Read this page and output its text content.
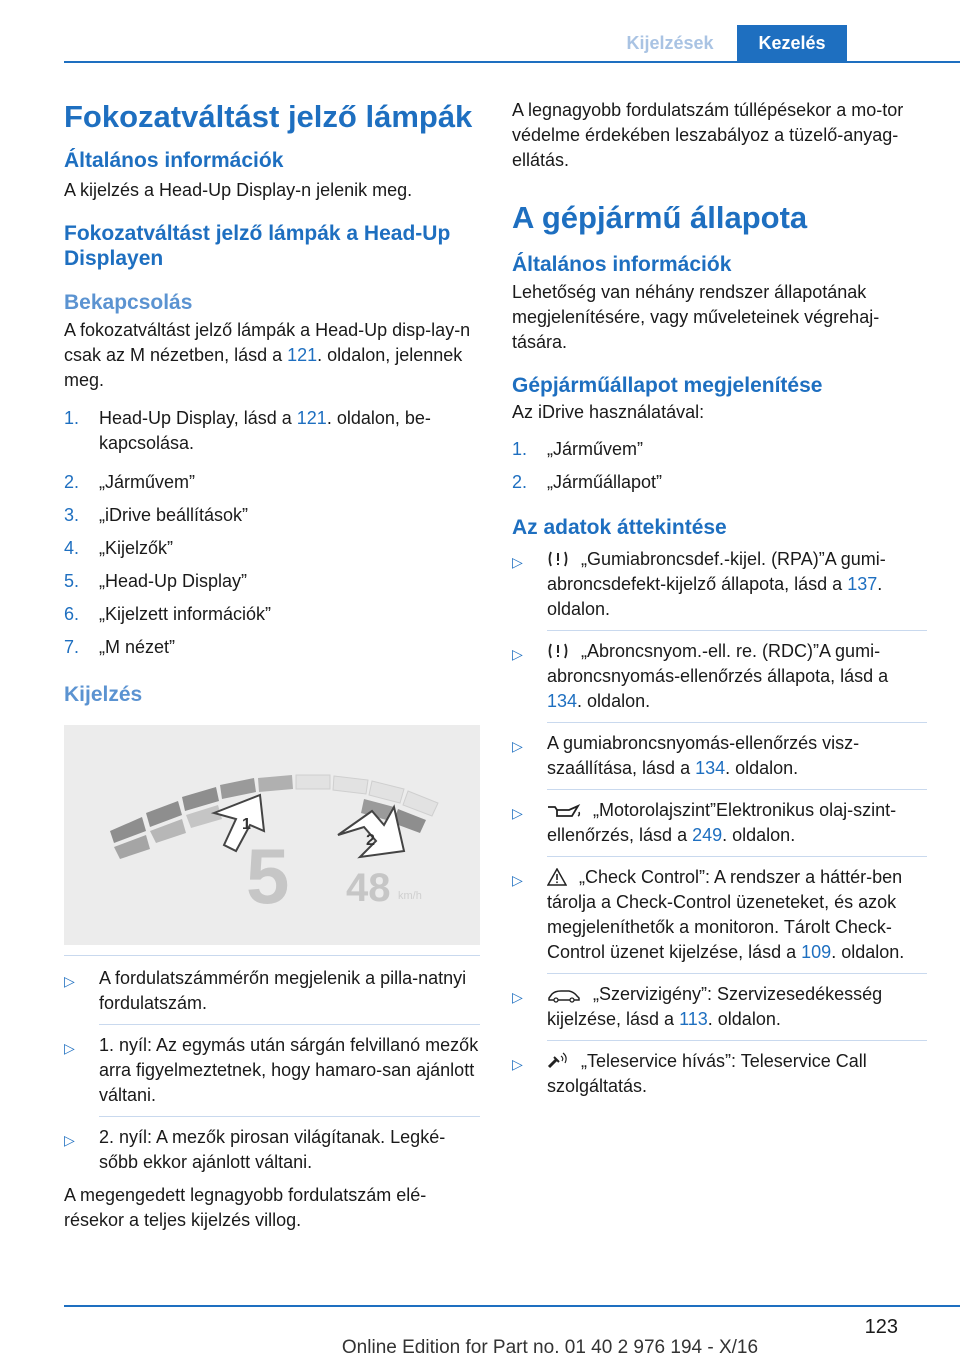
Kijelzések	Kezelés
Fokozatváltást jelző lámpák
Általános információk

A kijelzés a Head-Up Display-n jelenik meg.

Fokozatváltást jelző lámpák a Head-Up Displayen
Bekapcsolás

A fokozatváltást jelző lámpák a Head-Up disp-lay-n csak az M nézetben, lásd a 121. oldalon, jelennek meg.

1. Head-Up Display, lásd a 121. oldalon, be-kapcsolása.
2. „Járművem”
3. „iDrive beállítások”
4. „Kijelzők”
5. „Head-Up Display”
6. „Kijelzett információk”
7. „M nézet”
Kijelzés
1
2
5 48 km/h
▷ A fordulatszámmérőn megjelenik a pilla-natnyi fordulatszám.
▷ 1. nyíl: Az egymás után sárgán felvillanó mezők arra figyelmeztetnek, hogy hamaro-san ajánlott váltani.
▷ 2. nyíl: A mezők pirosan világítanak. Legké-sőbb ekkor ajánlott váltani.

A megengedett legnagyobb fordulatszám elé-résekor a teljes kijelzés villog.

A legnagyobb fordulatszám túllépésekor a mo-tor védelme érdekében leszabályoz a tüzelő-anyag-ellátás.

A gépjármű állapota
Általános információk

Lehetőség van néhány rendszer állapotának megjelenítésére, vagy műveleteinek végrehaj-tására.

Gépjárműállapot megjelenítése

Az iDrive használatával:

1. „Járművem”
2. „Járműállapot”
Az adatok áttekintése
▷	„Gumiabroncsdef.-kijel. (RPA)”A gumi-abroncsdefekt-kijelző állapota, lásd a 137. oldalon.
▷	„Abroncsnyom.-ell. re. (RDC)”A gumi-abroncsnyomás-ellenőrzés állapota, lásd a 134. oldalon.
▷ A gumiabroncsnyomás-ellenőrzés visz-szaállítása, lásd a 134. oldalon.
▷	„Motorolajszint”Elektronikus olaj-szint-ellenőrzés, lásd a 249. oldalon.
▷	„Check Control”: A rendszer a háttér-ben tárolja a Check-Control üzeneteket, és azok megjeleníthetők a monitoron. Tárolt Check-Control üzenet kijelzése, lásd a 109. oldalon.
▷	„Szervizigény”: Szervizesedékesség kijelzése, lásd a 113. oldalon.
▷	„Teleservice hívás”: Teleservice Call szolgáltatás.
123
Online Edition for Part no. 01 40 2 976 194 - X/16
